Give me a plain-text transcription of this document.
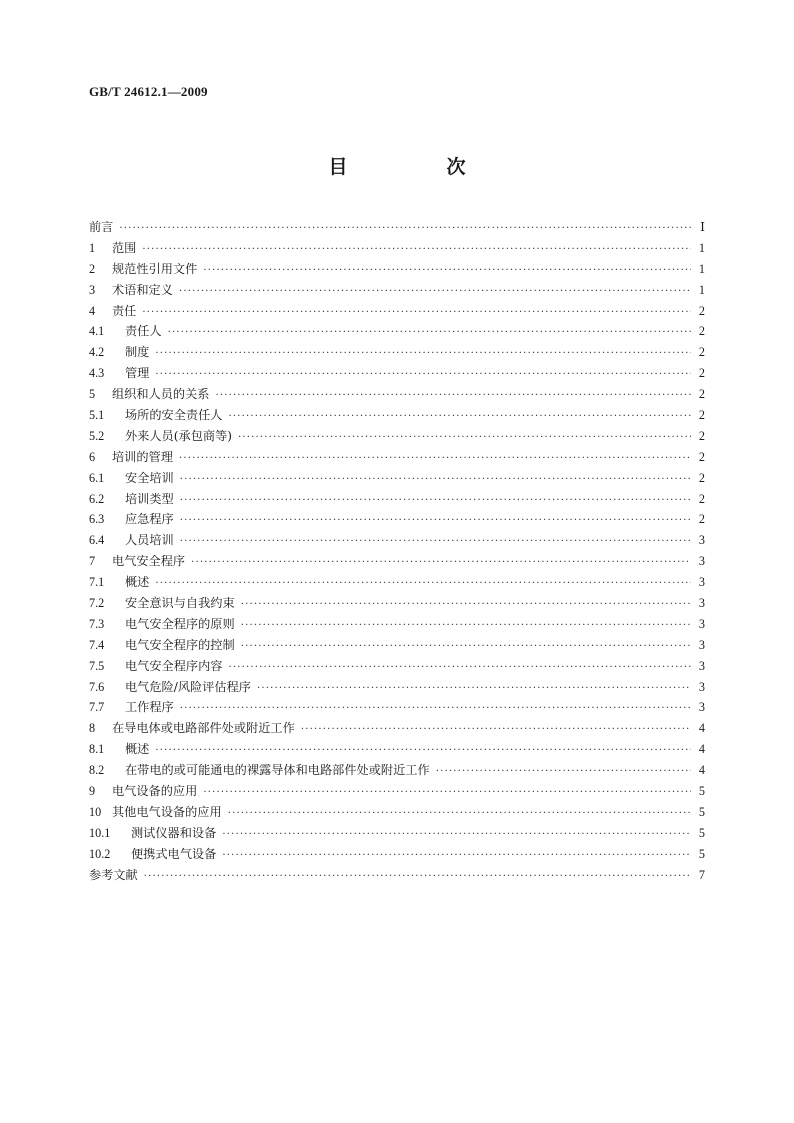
GB/T 24612.1—2009
目　次
前言 ·····	Ⅰ
1	范围 ·····	1
2	规范性引用文件 ·····	1
3	术语和定义 ·····	1
4	责任 ·····	2
4.1	责任人 ·····	2
4.2	制度 ·····	2
4.3	管理 ·····	2
5	组织和人员的关系 ·····	2
5.1	场所的安全责任人 ·····	2
5.2	外来人员(承包商等) ·····	2
6	培训的管理 ·····	2
6.1	安全培训 ·····	2
6.2	培训类型 ·····	2
6.3	应急程序 ·····	2
6.4	人员培训 ·····	3
7	电气安全程序 ·····	3
7.1	概述 ·····	3
7.2	安全意识与自我约束 ·····	3
7.3	电气安全程序的原则 ·····	3
7.4	电气安全程序的控制 ·····	3
7.5	电气安全程序内容 ·····	3
7.6	电气危险/风险评估程序 ·····	3
7.7	工作程序 ·····	3
8	在导电体或电路部件处或附近工作 ·····	4
8.1	概述 ·····	4
8.2	在带电的或可能通电的裸露导体和电路部件处或附近工作 ·····	4
9	电气设备的应用 ·····	5
10 其他电气设备的应用 ·····	5
10.1	测试仪器和设备 ·····	5
10.2	便携式电气设备 ·····	5
参考文献 ·····	7
